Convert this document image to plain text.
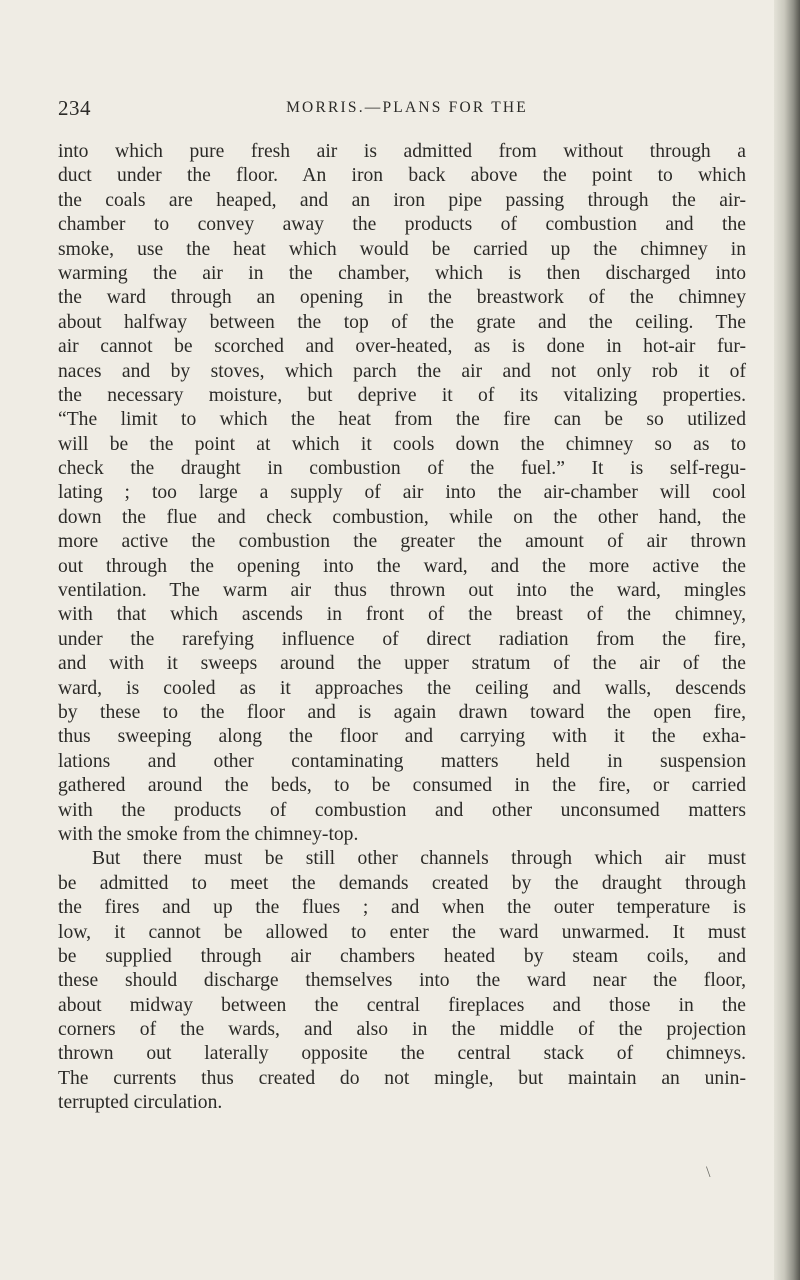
234	MORRIS.—PLANS FOR THE
into which pure fresh air is admitted from without through a
duct under the floor. An iron back above the point to which
the coals are heaped, and an iron pipe passing through the air-
chamber to convey away the products of combustion and the
smoke, use the heat which would be carried up the chimney in
warming the air in the chamber, which is then discharged into
the ward through an opening in the breastwork of the chimney
about halfway between the top of the grate and the ceiling. The
air cannot be scorched and over-heated, as is done in hot-air fur-
naces and by stoves, which parch the air and not only rob it of
the necessary moisture, but deprive it of its vitalizing properties.
“The limit to which the heat from the fire can be so utilized
will be the point at which it cools down the chimney so as to
check the draught in combustion of the fuel.” It is self-regu-
lating ; too large a supply of air into the air-chamber will cool
down the flue and check combustion, while on the other hand, the
more active the combustion the greater the amount of air thrown
out through the opening into the ward, and the more active the
ventilation. The warm air thus thrown out into the ward, mingles
with that which ascends in front of the breast of the chimney,
under the rarefying influence of direct radiation from the fire,
and with it sweeps around the upper stratum of the air of the
ward, is cooled as it approaches the ceiling and walls, descends
by these to the floor and is again drawn toward the open fire,
thus sweeping along the floor and carrying with it the exha-
lations and other contaminating matters held in suspension
gathered around the beds, to be consumed in the fire, or carried
with the products of combustion and other unconsumed matters
with the smoke from the chimney-top.
But there must be still other channels through which air must
be admitted to meet the demands created by the draught through
the fires and up the flues ; and when the outer temperature is
low, it cannot be allowed to enter the ward unwarmed. It must
be supplied through air chambers heated by steam coils, and
these should discharge themselves into the ward near the floor,
about midway between the central fireplaces and those in the
corners of the wards, and also in the middle of the projection
thrown out laterally opposite the central stack of chimneys.
The currents thus created do not mingle, but maintain an unin-
terrupted circulation.
\
